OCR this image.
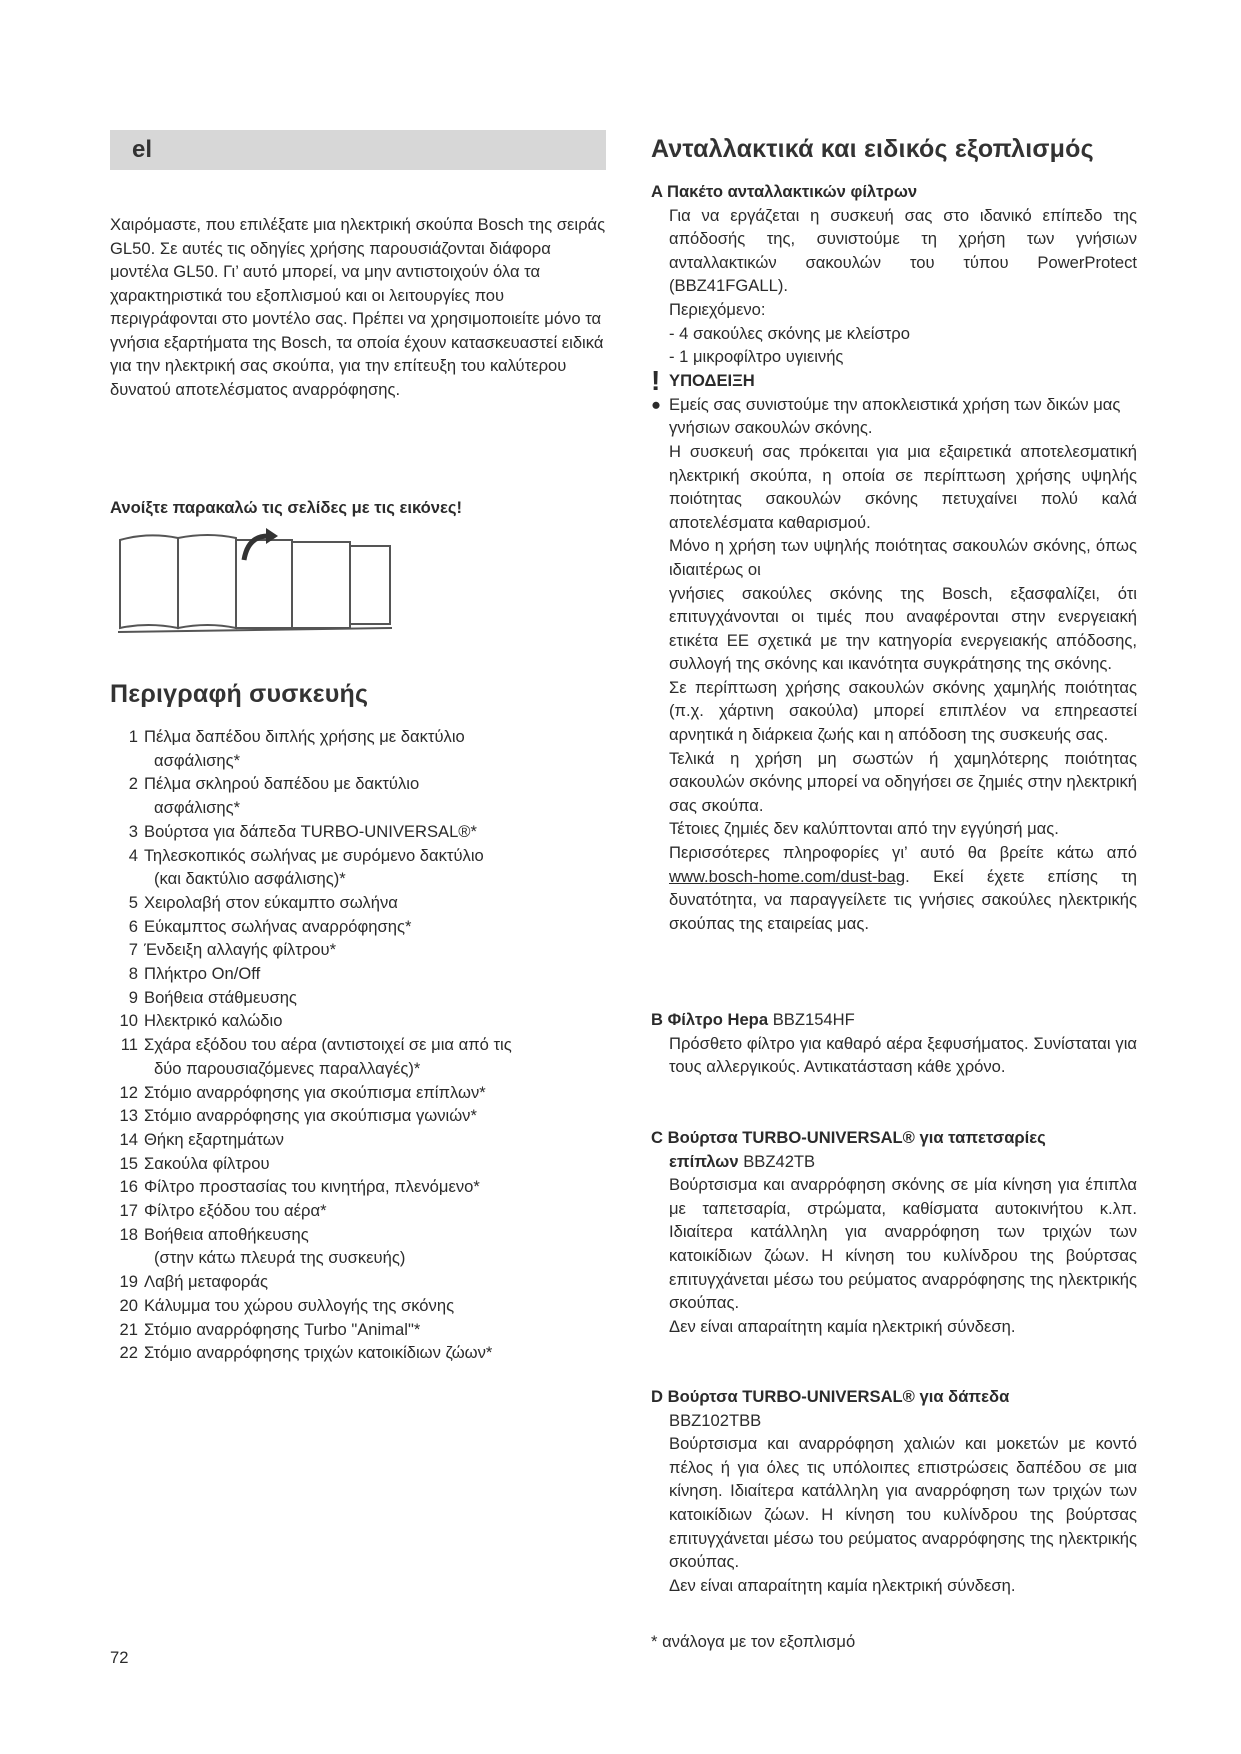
el

Χαιρόμαστε, που επιλέξατε μια ηλεκτρική σκούπα Bosch της σειράς GL50. Σε αυτές τις οδηγίες χρήσης παρουσιάζονται διάφορα μοντέλα GL50. Γι’ αυτό μπορεί, να μην αντιστοιχούν όλα τα χαρακτηριστικά του εξοπλισμού και οι λειτουργίες που περιγράφονται στο μοντέλο σας. Πρέπει να χρησιμοποιείτε μόνο τα γνήσια εξαρτήματα της Bosch, τα οποία έχουν κατασκευαστεί ειδικά για την ηλεκτρική σας σκούπα, για την επίτευξη του καλύτερου δυνατού αποτελέσματος αναρρόφησης.

Ανοίξτε παρακαλώ τις σελίδες με τις εικόνες!

Περιγραφή συσκευής
1 Πέλμα δαπέδου διπλής χρήσης με δακτύλιο
ασφάλισης*
2 Πέλμα σκληρού δαπέδου με δακτύλιο
ασφάλισης*
3 Βούρτσα για δάπεδα TURBO-UNIVERSAL®*
4 Τηλεσκοπικός σωλήνας με συρόμενο δακτύλιο
(και δακτύλιο ασφάλισης)*
5 Χειρολαβή στον εύκαμπτο σωλήνα
6 Εύκαμπτος σωλήνας αναρρόφησης*
7 Ένδειξη αλλαγής φίλτρου*
8 Πλήκτρο On/Off
9 Βοήθεια στάθμευσης
10 Ηλεκτρικό καλώδιο
11 Σχάρα εξόδου του αέρα (αντιστοιχεί σε μια από τις
δύο παρουσιαζόμενες παραλλαγές)*
12 Στόμιο αναρρόφησης για σκούπισμα επίπλων*
13 Στόμιο αναρρόφησης για σκούπισμα γωνιών*
14 Θήκη εξαρτημάτων
15 Σακούλα φίλτρου
16 Φίλτρο προστασίας του κινητήρα, πλενόμενο*
17 Φίλτρο εξόδου του αέρα*
18 Βοήθεια αποθήκευσης
(στην κάτω πλευρά της συσκευής)
19 Λαβή μεταφοράς
20 Κάλυμμα του χώρου συλλογής της σκόνης
21 Στόμιο αναρρόφησης Turbo "Animal"*
22 Στόμιο αναρρόφησης τριχών κατοικίδιων ζώων*
72
Ανταλλακτικά και ειδικός εξοπλισμός

A Πακέτο ανταλλακτικών φίλτρων

Για να εργάζεται η συσκευή σας στο ιδανικό επίπεδο της απόδοσής της, συνιστούμε τη χρήση των γνήσιων ανταλλακτικών σακουλών του τύπου PowerProtect (BBZ41FGALL).

Περιεχόμενο:

- 4 σακούλες σκόνης με κλείστρο

- 1 μικροφίλτρο υγιεινής

! ΥΠΟΔΕΙΞΗ
● Εμείς σας συνιστούμε την αποκλειστικά χρήση των δικών μας γνήσιων σακουλών σκόνης.

Η συσκευή σας πρόκειται για μια εξαιρετικά αποτελεσματική ηλεκτρική σκούπα, η οποία σε περίπτωση χρήσης υψηλής ποιότητας σακουλών σκόνης πετυχαίνει πολύ καλά αποτελέσματα καθαρισμού.

Μόνο η χρήση των υψηλής ποιότητας σακουλών σκόνης, όπως ιδιαιτέρως οι

γνήσιες σακούλες σκόνης της Bosch, εξασφαλίζει, ότι επιτυγχάνονται οι τιμές που αναφέρονται στην ενεργειακή ετικέτα ΕΕ σχετικά με την κατηγορία ενεργειακής απόδοσης, συλλογή της σκόνης και ικανότητα συγκράτησης της σκόνης.

Σε περίπτωση χρήσης σακουλών σκόνης χαμηλής ποιότητας (π.χ. χάρτινη σακούλα) μπορεί επιπλέον να επηρεαστεί αρνητικά η διάρκεια ζωής και η απόδοση της συσκευής σας.

Τελικά η χρήση μη σωστών ή χαμηλότερης ποιότητας σακουλών σκόνης μπορεί να οδηγήσει σε ζημιές στην ηλεκτρική σας σκούπα.

Τέτοιες ζημιές δεν καλύπτονται από την εγγύησή μας.

Περισσότερες πληροφορίες γι’ αυτό θα βρείτε κάτω από www.bosch-home.com/dust-bag. Εκεί έχετε επίσης τη δυνατότητα, να παραγγείλετε τις γνήσιες σακούλες ηλεκτρικής σκούπας της εταιρείας μας.

B Φίλτρο Hepa BBZ154HF

Πρόσθετο φίλτρο για καθαρό αέρα ξεφυσήματος. Συνίσταται για τους αλλεργικούς. Αντικατάσταση κάθε χρόνο.

C Βούρτσα TURBO-UNIVERSAL® για ταπετσαρίες

επίπλων BBZ42TB

Βούρτσισμα και αναρρόφηση σκόνης σε μία κίνηση για έπιπλα με ταπετσαρία, στρώματα, καθίσματα αυτοκινήτου κ.λπ. Ιδιαίτερα κατάλληλη για αναρρόφηση των τριχών των κατοικίδιων ζώων. Η κίνηση του κυλίνδρου της βούρτσας επιτυγχάνεται μέσω του ρεύματος αναρρόφησης της ηλεκτρικής σκούπας.

Δεν είναι απαραίτητη καμία ηλεκτρική σύνδεση.

D Βούρτσα TURBO-UNIVERSAL® για δάπεδα

BBZ102TBB

Βούρτσισμα και αναρρόφηση χαλιών και μοκετών με κοντό πέλος ή για όλες τις υπόλοιπες επιστρώσεις δαπέδου σε μια κίνηση. Ιδιαίτερα κατάλληλη για αναρρόφηση των τριχών των κατοικίδιων ζώων. Η κίνηση του κυλίνδρου της βούρτσας επιτυγχάνεται μέσω του ρεύματος αναρρόφησης της ηλεκτρικής σκούπας.

Δεν είναι απαραίτητη καμία ηλεκτρική σύνδεση.

* ανάλογα με τον εξοπλισμό
